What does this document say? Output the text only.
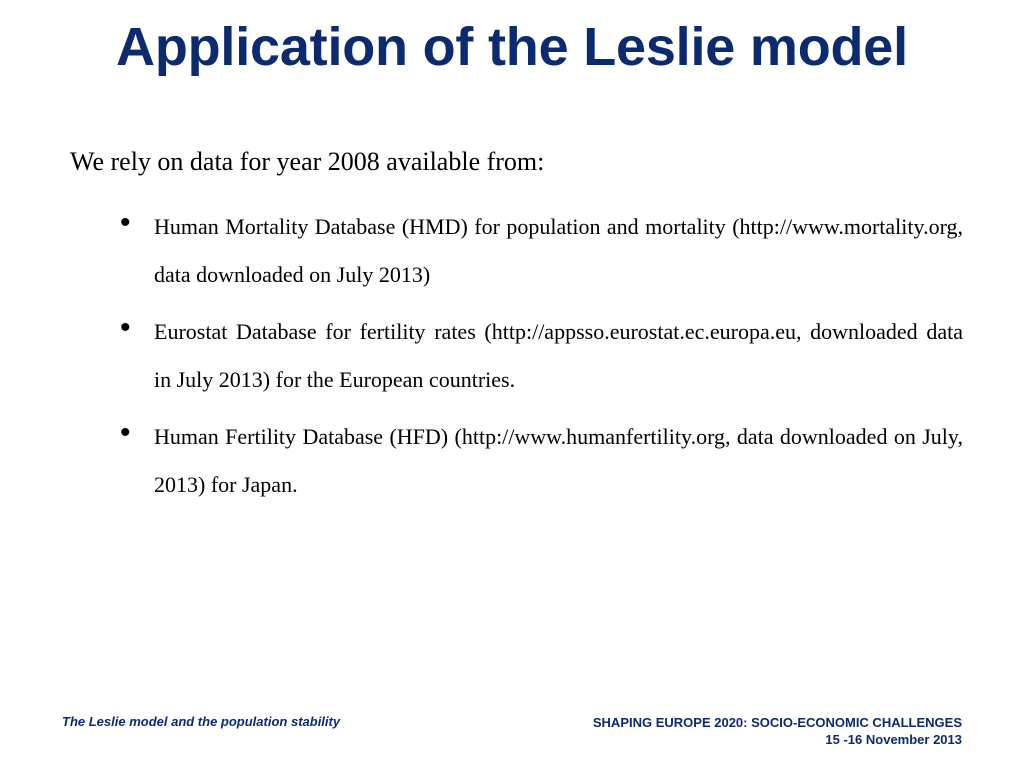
Application of the Leslie model
We rely on data for year 2008 available from:
•	Human Mortality Database (HMD) for population and mortality (http://www.mortality.org, data downloaded on July 2013)
•	Eurostat Database for fertility rates (http://appsso.eurostat.ec.europa.eu, downloaded data in July 2013) for the European countries.
•	Human Fertility Database (HFD) (http://www.humanfertility.org, data downloaded on July, 2013) for Japan.
The Leslie model and the population stability	SHAPING EUROPE 2020: SOCIO-ECONOMIC CHALLENGES
15 -16 November 2013
